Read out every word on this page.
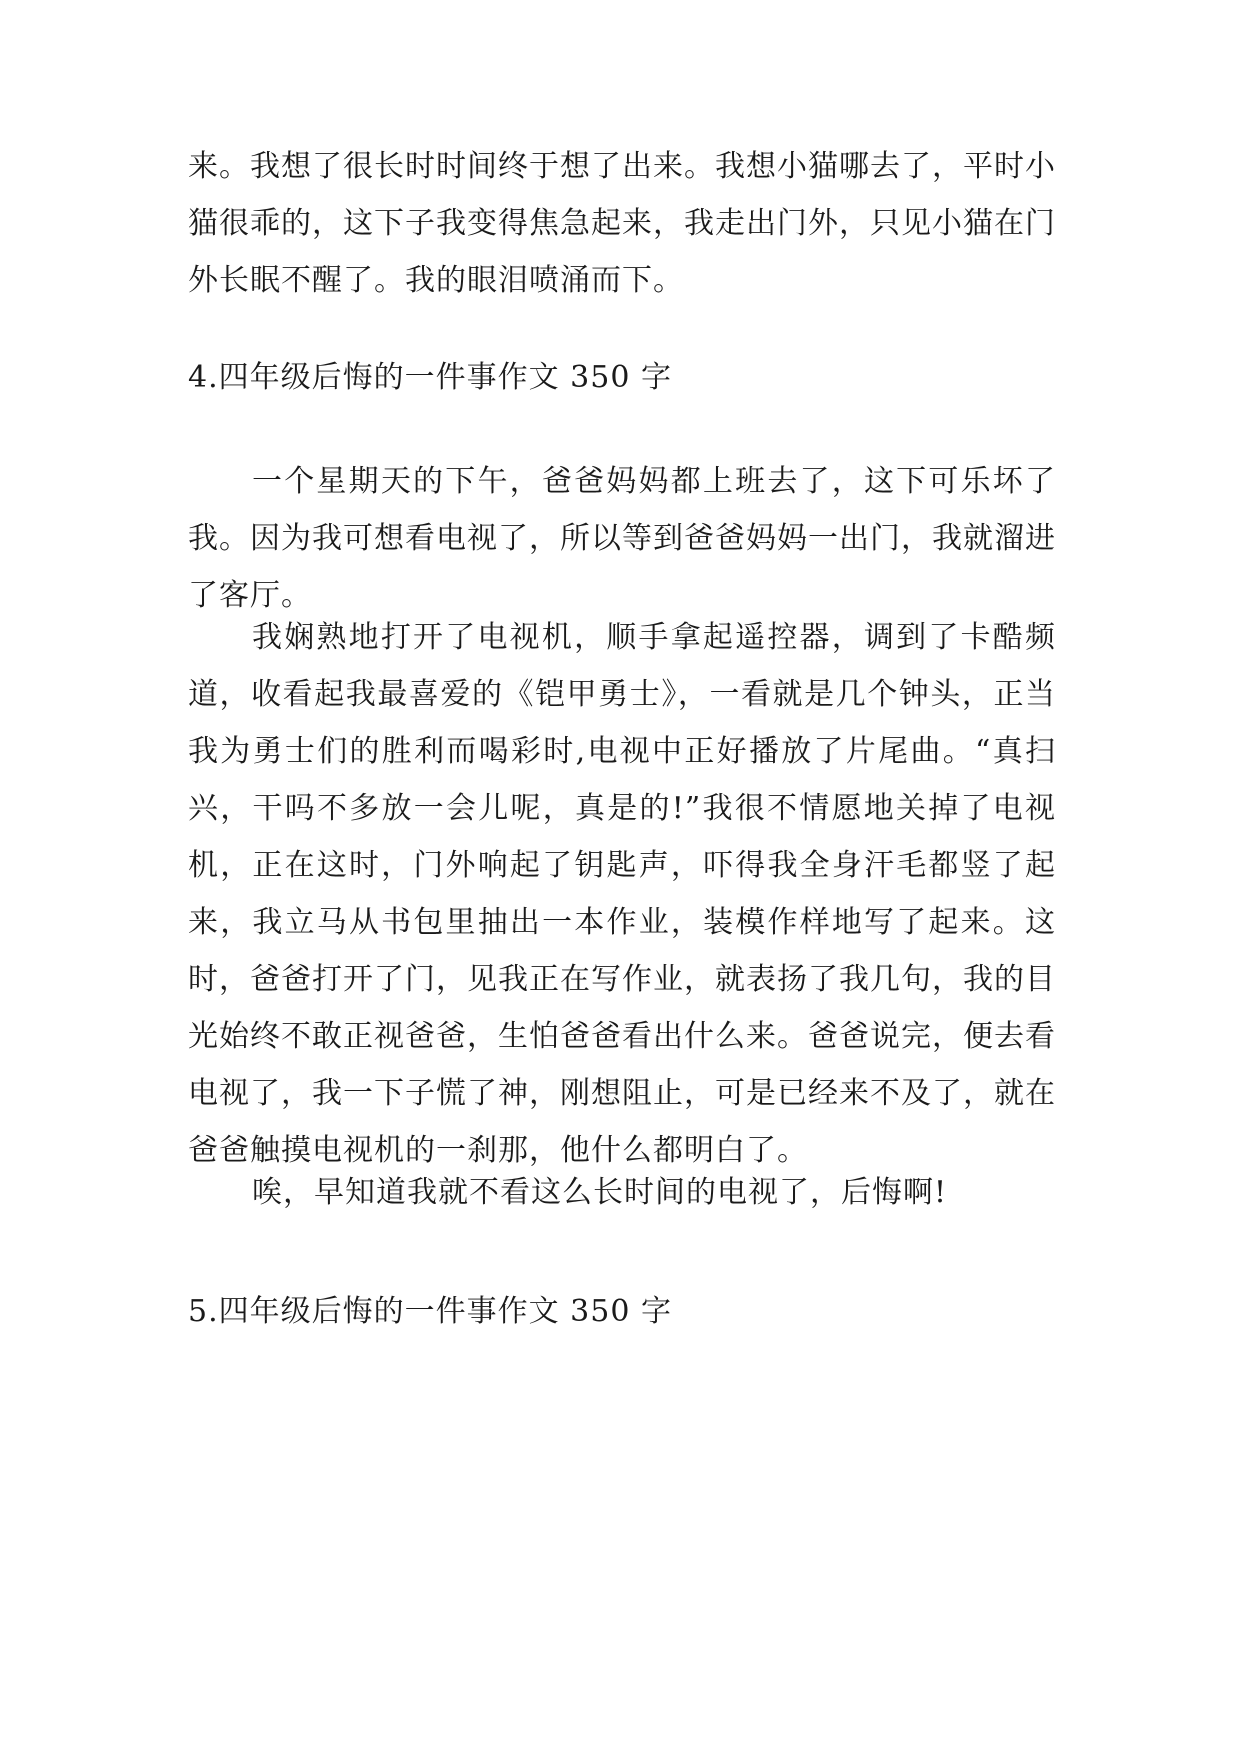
来。我想了很长时时间终于想了出来。我想小猫哪去了，平时小猫很乖的，这下子我变得焦急起来，我走出门外，只见小猫在门外长眠不醒了。我的眼泪喷涌而下。

4.四年级后悔的一件事作文 350 字

一个星期天的下午，爸爸妈妈都上班去了，这下可乐坏了我。因为我可想看电视了，所以等到爸爸妈妈一出门，我就溜进了客厅。

我娴熟地打开了电视机，顺手拿起遥控器，调到了卡酷频道，收看起我最喜爱的《铠甲勇士》，一看就是几个钟头，正当我为勇士们的胜利而喝彩时,电视中正好播放了片尾曲。“真扫兴，干吗不多放一会儿呢，真是的!”我很不情愿地关掉了电视机，正在这时，门外响起了钥匙声，吓得我全身汗毛都竖了起来，我立马从书包里抽出一本作业，装模作样地写了起来。这时，爸爸打开了门，见我正在写作业，就表扬了我几句，我的目光始终不敢正视爸爸，生怕爸爸看出什么来。爸爸说完，便去看电视了，我一下子慌了神，刚想阻止，可是已经来不及了，就在爸爸触摸电视机的一刹那，他什么都明白了。

唉，早知道我就不看这么长时间的电视了，后悔啊!

5.四年级后悔的一件事作文 350 字
